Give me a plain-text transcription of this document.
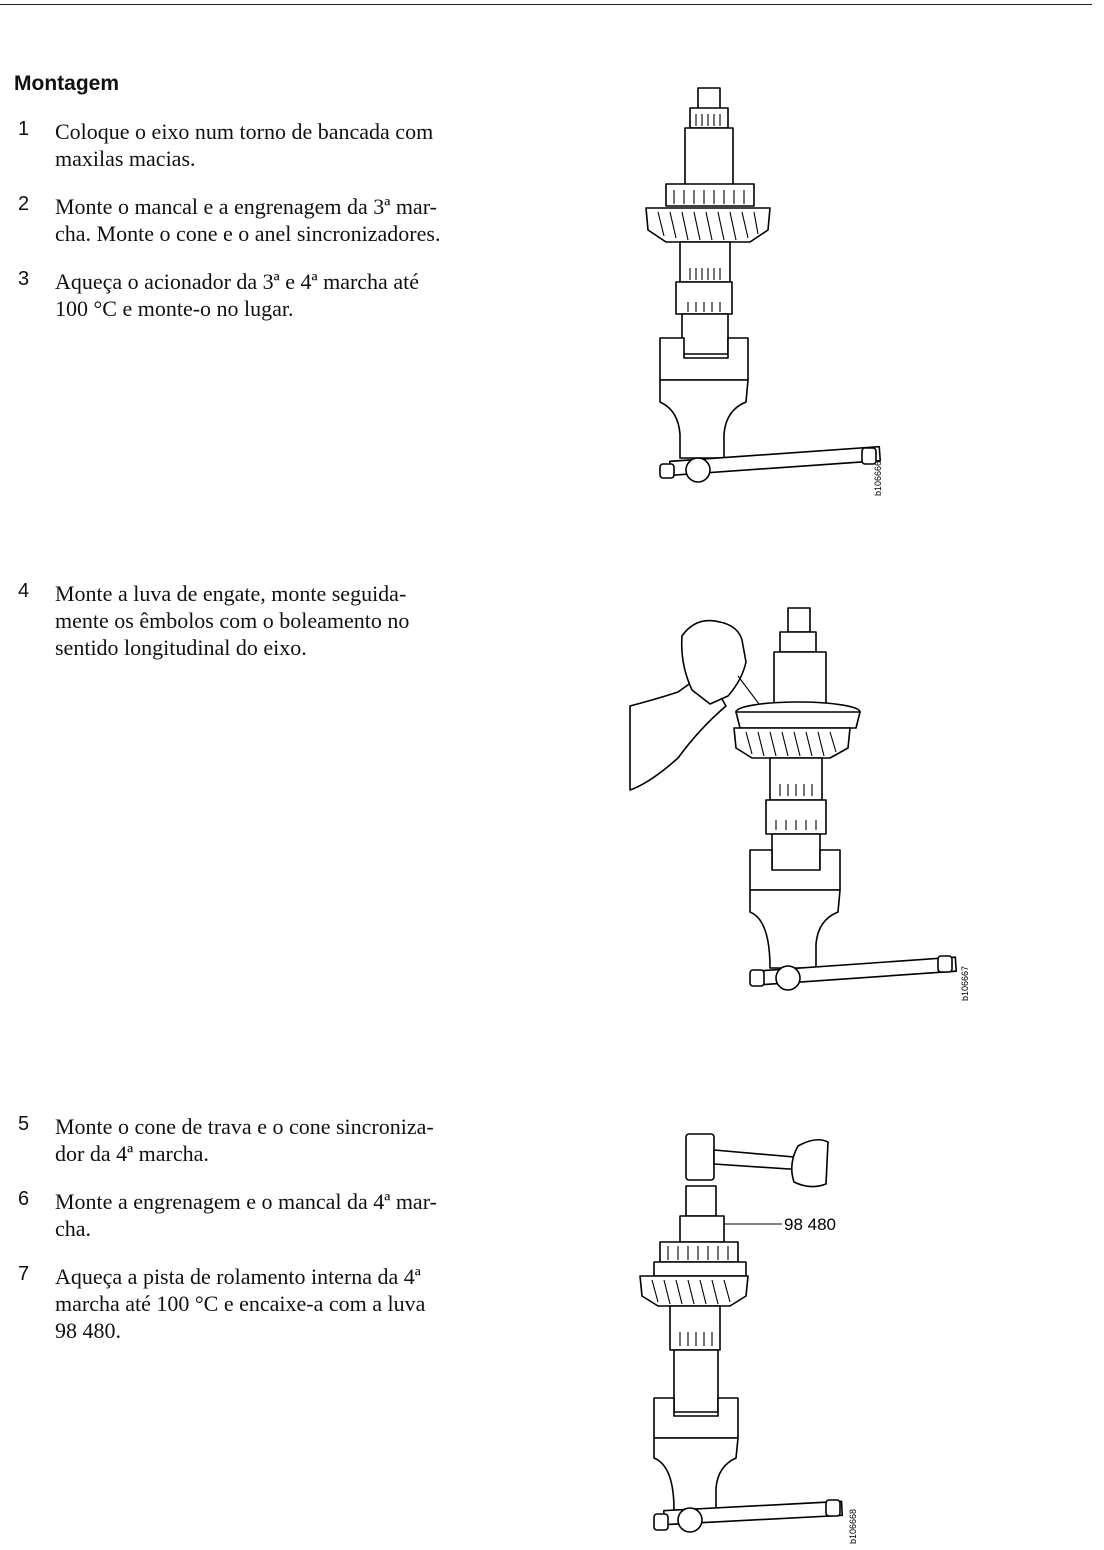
Montagem
1 Coloque o eixo num torno de bancada com
maxilas macias.
2 Monte o mancal e a engrenagem da 3ª mar-
cha. Monte o cone e o anel sincronizadores.
3 Aqueça o acionador da 3ª e 4ª marcha até
100 °C e monte-o no lugar.
4 Monte a luva de engate, monte seguida-
mente os êmbolos com o boleamento no
sentido longitudinal do eixo.
5 Monte o cone de trava e o cone sincroniza-
dor da 4ª marcha.
6 Monte a engrenagem e o mancal da 4ª mar-
cha.
7 Aqueça a pista de rolamento interna da 4ª
marcha até 100 °C e encaixe-a com a luva
98 480.
b106666
b106667
98 480
b106668
